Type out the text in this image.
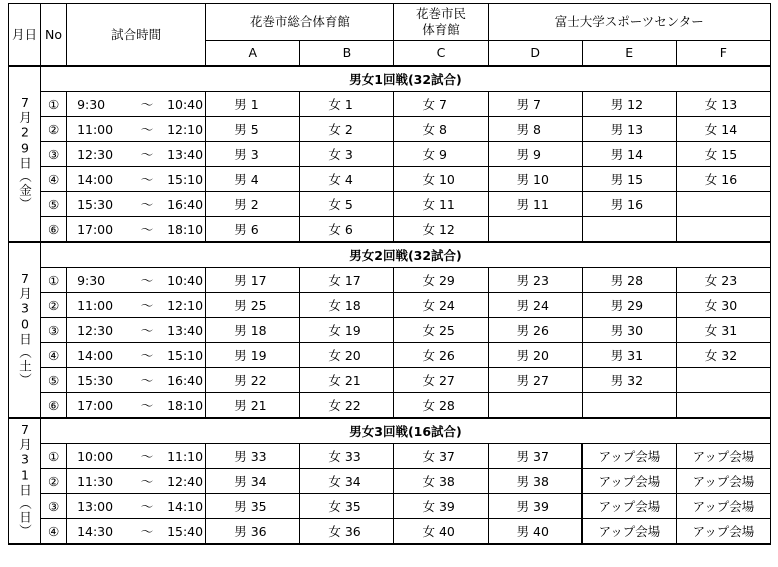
月日	No	試合時間	花巻市総合体育館		花巻市民
体育館	富士大学スポーツセンター		
			A	B	C	D	E	F
7月29日（金）	男女1回戦(32試合)							
	①	9:30 ～ 10:40	男 1	女 1	女 7	男 7	男 12	女 13
	②	11:00 ～ 12:10	男 5	女 2	女 8	男 8	男 13	女 14
	③	12:30 ～ 13:40	男 3	女 3	女 9	男 9	男 14	女 15
	④	14:00 ～ 15:10	男 4	女 4	女 10	男 10	男 15	女 16
	⑤	15:30 ～ 16:40	男 2	女 5	女 11	男 11	男 16	
	⑥	17:00 ～ 18:10	男 6	女 6	女 12			
7月30日（土）	男女2回戦(32試合)							
	①	9:30 ～ 10:40	男 17	女 17	女 29	男 23	男 28	女 23
	②	11:00 ～ 12:10	男 25	女 18	女 24	男 24	男 29	女 30
	③	12:30 ～ 13:40	男 18	女 19	女 25	男 26	男 30	女 31
	④	14:00 ～ 15:10	男 19	女 20	女 26	男 20	男 31	女 32
	⑤	15:30 ～ 16:40	男 22	女 21	女 27	男 27	男 32	
	⑥	17:00 ～ 18:10	男 21	女 22	女 28			
7月31日（日）	男女3回戦(16試合)							
	①	10:00 ～ 11:10	男 33	女 33	女 37	男 37	アップ会場	アップ会場
	②	11:30 ～ 12:40	男 34	女 34	女 38	男 38	アップ会場	アップ会場
	③	13:00 ～ 14:10	男 35	女 35	女 39	男 39	アップ会場	アップ会場
	④	14:30 ～ 15:40	男 36	女 36	女 40	男 40	アップ会場	アップ会場
